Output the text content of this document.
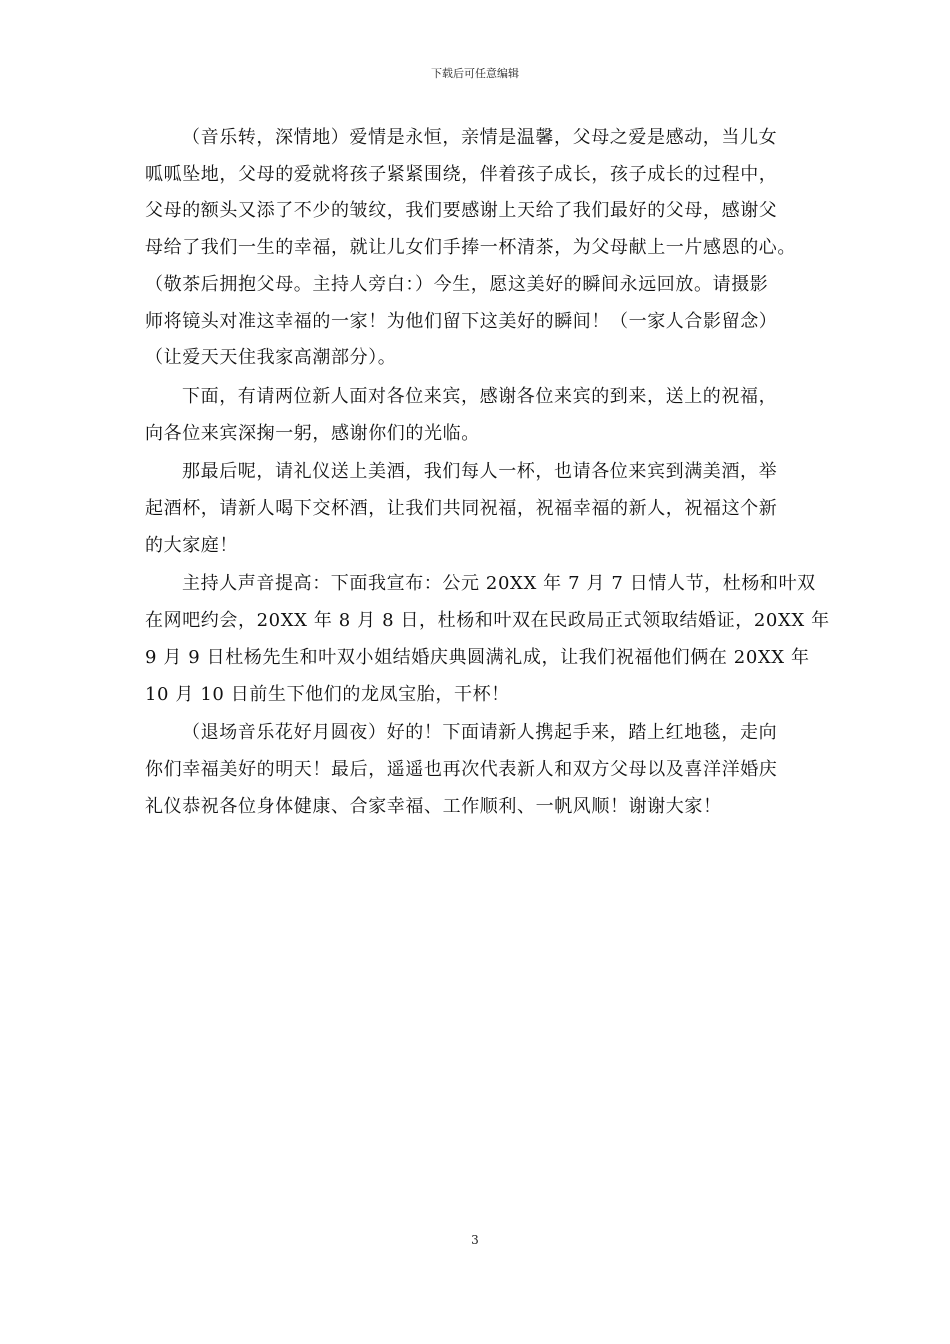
下载后可任意编辑

（音乐转，深情地）爱情是永恒，亲情是温馨，父母之爱是感动，当儿女
呱呱坠地，父母的爱就将孩子紧紧围绕，伴着孩子成长，孩子成长的过程中，
父母的额头又添了不少的皱纹，我们要感谢上天给了我们最好的父母，感谢父
母给了我们一生的幸福，就让儿女们手捧一杯清茶，为父母献上一片感恩的心。
（敬茶后拥抱父母。主持人旁白：）今生，愿这美好的瞬间永远回放。请摄影
师将镜头对准这幸福的一家！为他们留下这美好的瞬间！（一家人合影留念）
（让爱天天住我家高潮部分）。

下面，有请两位新人面对各位来宾，感谢各位来宾的到来，送上的祝福，
向各位来宾深掬一躬，感谢你们的光临。

那最后呢，请礼仪送上美酒，我们每人一杯，也请各位来宾到满美酒，举
起酒杯，请新人喝下交杯酒，让我们共同祝福，祝福幸福的新人，祝福这个新
的大家庭！

主持人声音提高：下面我宣布：公元 20XX 年 7 月 7 日情人节，杜杨和叶双
在网吧约会，20XX 年 8 月 8 日，杜杨和叶双在民政局正式领取结婚证，20XX 年
9 月 9 日杜杨先生和叶双小姐结婚庆典圆满礼成，让我们祝福他们俩在 20XX 年
10 月 10 日前生下他们的龙凤宝胎，干杯！

（退场音乐花好月圆夜）好的！下面请新人携起手来，踏上红地毯，走向
你们幸福美好的明天！最后，遥遥也再次代表新人和双方父母以及喜洋洋婚庆
礼仪恭祝各位身体健康、合家幸福、工作顺利、一帆风顺！谢谢大家！

3
